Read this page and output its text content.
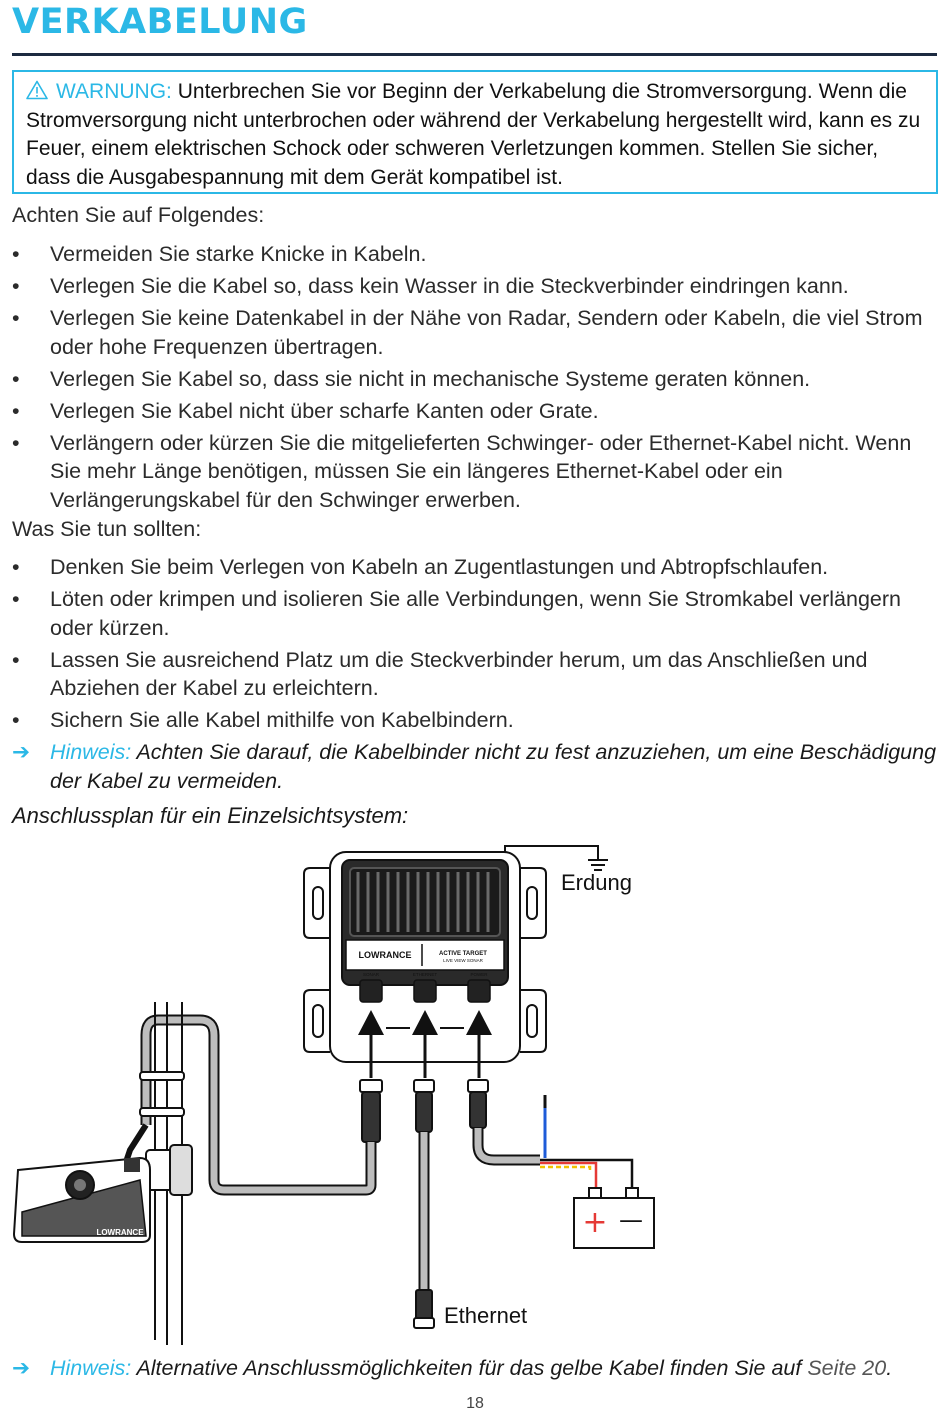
VERKABELUNG
WARNUNG: Unterbrechen Sie vor Beginn der Verkabelung die Stromversorgung. Wenn die Stromversorgung nicht unterbrochen oder während der Verkabelung hergestellt wird, kann es zu Feuer, einem elektrischen Schock oder schweren Verletzungen kommen. Stellen Sie sicher, dass die Ausgabespannung mit dem Gerät kompatibel ist.
Achten Sie auf Folgendes:
• Vermeiden Sie starke Knicke in Kabeln.
• Verlegen Sie die Kabel so, dass kein Wasser in die Steckverbinder eindringen kann.
• Verlegen Sie keine Datenkabel in der Nähe von Radar, Sendern oder Kabeln, die viel Strom oder hohe Frequenzen übertragen.
• Verlegen Sie Kabel so, dass sie nicht in mechanische Systeme geraten können.
• Verlegen Sie Kabel nicht über scharfe Kanten oder Grate.
• Verlängern oder kürzen Sie die mitgelieferten Schwinger- oder Ethernet-Kabel nicht. Wenn Sie mehr Länge benötigen, müssen Sie ein längeres Ethernet-Kabel oder ein Verlängerungskabel für den Schwinger erwerben.
Was Sie tun sollten:
• Denken Sie beim Verlegen von Kabeln an Zugentlastungen und Abtropfschlaufen.
• Löten oder krimpen und isolieren Sie alle Verbindungen, wenn Sie Stromkabel verlängern oder kürzen.
• Lassen Sie ausreichend Platz um die Steckverbinder herum, um das Anschließen und Abziehen der Kabel zu erleichtern.
• Sichern Sie alle Kabel mithilfe von Kabelbindern.
➔ Hinweis: Achten Sie darauf, die Kabelbinder nicht zu fest anzuziehen, um eine Beschädigung der Kabel zu vermeiden.
Anschlussplan für ein Einzelsichtsystem:
LOWRANCE	ACTIVE TARGET
LIVE VIEW SONAR
SONAR	ETHERNET	POWER
+ —
LOWRANCE
Erdung
Ethernet
➔ Hinweis: Alternative Anschlussmöglichkeiten für das gelbe Kabel finden Sie auf Seite 20.
18
